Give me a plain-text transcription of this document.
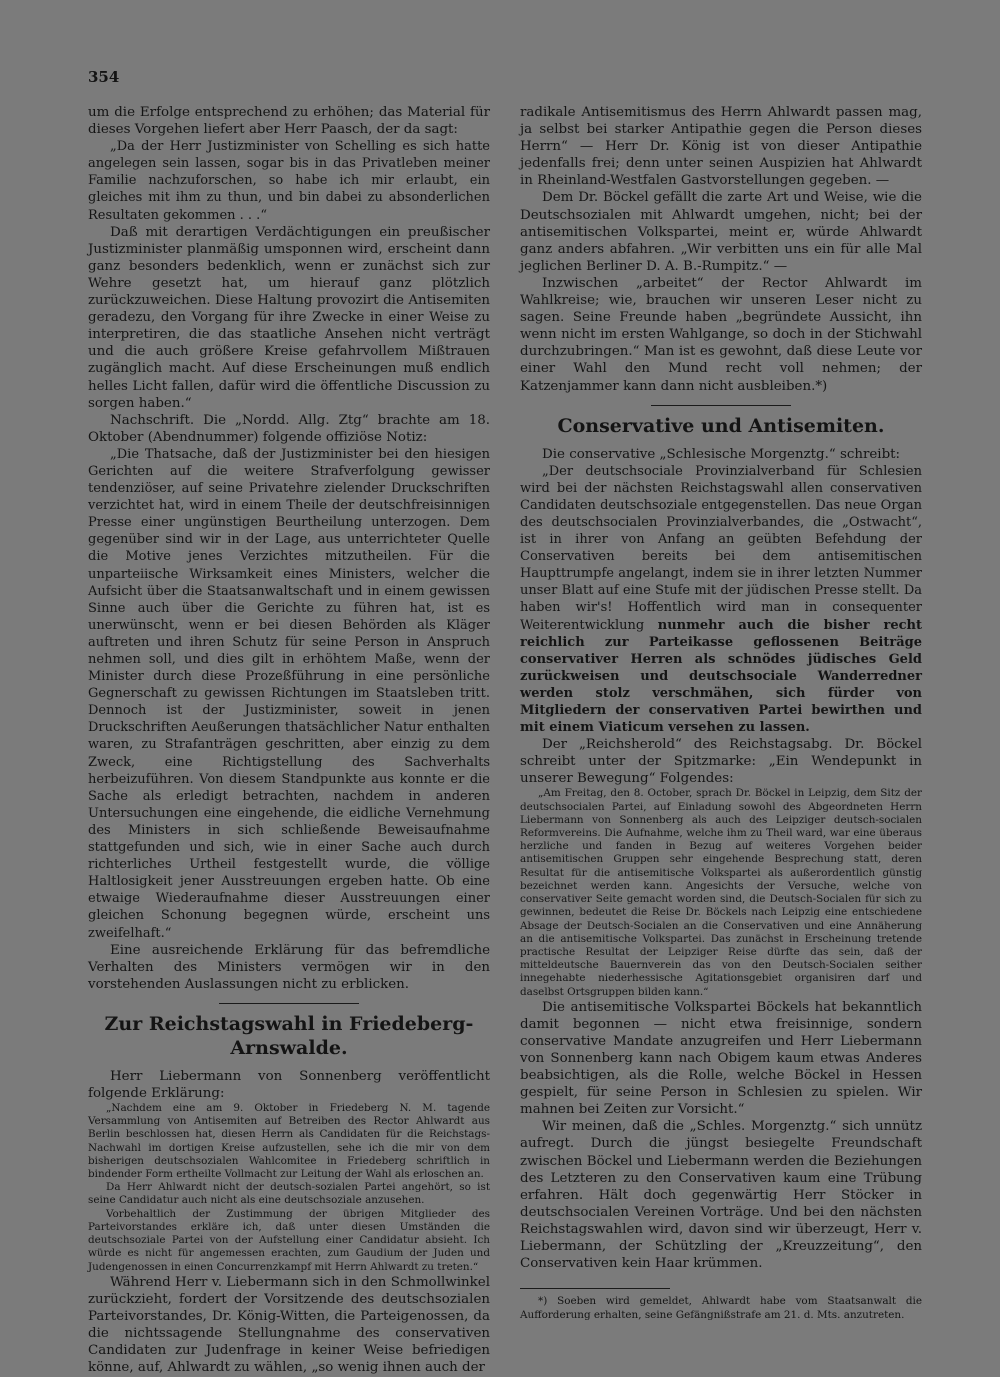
354

um die Erfolge entsprechend zu erhöhen; das Material für dieses Vorgehen liefert aber Herr Paasch, der da sagt:

„Da der Herr Justizminister von Schelling es sich hatte angelegen sein lassen, sogar bis in das Privatleben meiner Familie nachzuforschen, so habe ich mir erlaubt, ein gleiches mit ihm zu thun, und bin dabei zu absonderlichen Resultaten gekommen . . .“

Daß mit derartigen Verdächtigungen ein preußischer Justizminister planmäßig umsponnen wird, erscheint dann ganz besonders bedenklich, wenn er zunächst sich zur Wehre gesetzt hat, um hierauf ganz plötzlich zurückzuweichen. Diese Haltung provozirt die Antisemiten geradezu, den Vorgang für ihre Zwecke in einer Weise zu interpretiren, die das staatliche Ansehen nicht verträgt und die auch größere Kreise gefahrvollem Mißtrauen zugänglich macht. Auf diese Erscheinungen muß endlich helles Licht fallen, dafür wird die öffentliche Discussion zu sorgen haben.“

Nachschrift. Die „Nordd. Allg. Ztg“ brachte am 18. Oktober (Abendnummer) folgende offiziöse Notiz:

„Die Thatsache, daß der Justizminister bei den hiesigen Gerichten auf die weitere Strafverfolgung gewisser tendenziöser, auf seine Privatehre zielender Druckschriften verzichtet hat, wird in einem Theile der deutschfreisinnigen Presse einer ungünstigen Beurtheilung unterzogen. Dem gegenüber sind wir in der Lage, aus unterrichteter Quelle die Motive jenes Verzichtes mitzutheilen. Für die unparteiische Wirksamkeit eines Ministers, welcher die Aufsicht über die Staatsanwaltschaft und in einem gewissen Sinne auch über die Gerichte zu führen hat, ist es unerwünscht, wenn er bei diesen Behörden als Kläger auftreten und ihren Schutz für seine Person in Anspruch nehmen soll, und dies gilt in erhöhtem Maße, wenn der Minister durch diese Prozeßführung in eine persönliche Gegnerschaft zu gewissen Richtungen im Staatsleben tritt. Dennoch ist der Justizminister, soweit in jenen Druckschriften Aeußerungen thatsächlicher Natur enthalten waren, zu Strafanträgen geschritten, aber einzig zu dem Zweck, eine Richtigstellung des Sachverhalts herbeizuführen. Von diesem Standpunkte aus konnte er die Sache als erledigt betrachten, nachdem in anderen Untersuchungen eine eingehende, die eidliche Vernehmung des Ministers in sich schließende Beweisaufnahme stattgefunden und sich, wie in einer Sache auch durch richterliches Urtheil festgestellt wurde, die völlige Haltlosigkeit jener Ausstreuungen ergeben hatte. Ob eine etwaige Wiederaufnahme dieser Ausstreuungen einer gleichen Schonung begegnen würde, erscheint uns zweifelhaft.“

Eine ausreichende Erklärung für das befremdliche Verhalten des Ministers vermögen wir in den vorstehenden Auslassungen nicht zu erblicken.

Zur Reichstagswahl in Friedeberg-Arnswalde.

Herr Liebermann von Sonnenberg veröffentlicht folgende Erklärung:

„Nachdem eine am 9. Oktober in Friedeberg N. M. tagende Versammlung von Antisemiten auf Betreiben des Rector Ahlwardt aus Berlin beschlossen hat, diesen Herrn als Candidaten für die Reichstags-Nachwahl im dortigen Kreise aufzustellen, sehe ich die mir von dem bisherigen deutschsozialen Wahlcomitee in Friedeberg schriftlich in bindender Form ertheilte Vollmacht zur Leitung der Wahl als erloschen an.

Da Herr Ahlwardt nicht der deutsch-sozialen Partei angehört, so ist seine Candidatur auch nicht als eine deutschsoziale anzusehen.

Vorbehaltlich der Zustimmung der übrigen Mitglieder des Parteivorstandes erkläre ich, daß unter diesen Umständen die deutschsoziale Partei von der Aufstellung einer Candidatur absieht. Ich würde es nicht für angemessen erachten, zum Gaudium der Juden und Judengenossen in einen Concurrenzkampf mit Herrn Ahlwardt zu treten.“

Während Herr v. Liebermann sich in den Schmollwinkel zurückzieht, fordert der Vorsitzende des deutschsozialen Parteivorstandes, Dr. König-Witten, die Parteigenossen, da die nichtssagende Stellungnahme des conservativen Candidaten zur Judenfrage in keiner Weise befriedigen könne, auf, Ahlwardt zu wählen, „so wenig ihnen auch der

radikale Antisemitismus des Herrn Ahlwardt passen mag, ja selbst bei starker Antipathie gegen die Person dieses Herrn“ — Herr Dr. König ist von dieser Antipathie jedenfalls frei; denn unter seinen Auspizien hat Ahlwardt in Rheinland-Westfalen Gastvorstellungen gegeben. —

Dem Dr. Böckel gefällt die zarte Art und Weise, wie die Deutschsozialen mit Ahlwardt umgehen, nicht; bei der antisemitischen Volkspartei, meint er, würde Ahlwardt ganz anders abfahren. „Wir verbitten uns ein für alle Mal jeglichen Berliner D. A. B.-Rumpitz.“ —

Inzwischen „arbeitet“ der Rector Ahlwardt im Wahlkreise; wie, brauchen wir unseren Leser nicht zu sagen. Seine Freunde haben „begründete Aussicht, ihn wenn nicht im ersten Wahlgange, so doch in der Stichwahl durchzubringen.“ Man ist es gewohnt, daß diese Leute vor einer Wahl den Mund recht voll nehmen; der Katzenjammer kann dann nicht ausbleiben.*)

Conservative und Antisemiten.

Die conservative „Schlesische Morgenztg.“ schreibt:

„Der deutschsociale Provinzialverband für Schlesien wird bei der nächsten Reichstagswahl allen conservativen Candidaten deutschsoziale entgegenstellen. Das neue Organ des deutschsocialen Provinzialverbandes, die „Ostwacht“, ist in ihrer von Anfang an geübten Befehdung der Conservativen bereits bei dem antisemitischen Haupttrumpfe angelangt, indem sie in ihrer letzten Nummer unser Blatt auf eine Stufe mit der jüdischen Presse stellt. Da haben wir's! Hoffentlich wird man in consequenter Weiterentwicklung nunmehr auch die bisher recht reichlich zur Parteikasse geflossenen Beiträge conservativer Herren als schnödes jüdisches Geld zurückweisen und deutschsociale Wanderredner werden stolz verschmähen, sich fürder von Mitgliedern der conservativen Partei bewirthen und mit einem Viaticum versehen zu lassen.

Der „Reichsherold“ des Reichstagsabg. Dr. Böckel schreibt unter der Spitzmarke: „Ein Wendepunkt in unserer Bewegung“ Folgendes:

„Am Freitag, den 8. October, sprach Dr. Böckel in Leipzig, dem Sitz der deutschsocialen Partei, auf Einladung sowohl des Abgeordneten Herrn Liebermann von Sonnenberg als auch des Leipziger deutsch-socialen Reformvereins. Die Aufnahme, welche ihm zu Theil ward, war eine überaus herzliche und fanden in Bezug auf weiteres Vorgehen beider antisemitischen Gruppen sehr eingehende Besprechung statt, deren Resultat für die antisemitische Volkspartei als außerordentlich günstig bezeichnet werden kann. Angesichts der Versuche, welche von conservativer Seite gemacht worden sind, die Deutsch-Socialen für sich zu gewinnen, bedeutet die Reise Dr. Böckels nach Leipzig eine entschiedene Absage der Deutsch-Socialen an die Conservativen und eine Annäherung an die antisemitische Volkspartei. Das zunächst in Erscheinung tretende practische Resultat der Leipziger Reise dürfte das sein, daß der mitteldeutsche Bauernverein das von den Deutsch-Socialen seither innegehabte niederhessische Agitationsgebiet organisiren darf und daselbst Ortsgruppen bilden kann.“

Die antisemitische Volkspartei Böckels hat bekanntlich damit begonnen — nicht etwa freisinnige, sondern conservative Mandate anzugreifen und Herr Liebermann von Sonnenberg kann nach Obigem kaum etwas Anderes beabsichtigen, als die Rolle, welche Böckel in Hessen gespielt, für seine Person in Schlesien zu spielen. Wir mahnen bei Zeiten zur Vorsicht.“

Wir meinen, daß die „Schles. Morgenztg.“ sich unnütz aufregt. Durch die jüngst besiegelte Freundschaft zwischen Böckel und Liebermann werden die Beziehungen des Letzteren zu den Conservativen kaum eine Trübung erfahren. Hält doch gegenwärtig Herr Stöcker in deutschsocialen Vereinen Vorträge. Und bei den nächsten Reichstagswahlen wird, davon sind wir überzeugt, Herr v. Liebermann, der Schützling der „Kreuzzeitung“, den Conservativen kein Haar krümmen.

*) Soeben wird gemeldet, Ahlwardt habe vom Staatsanwalt die Aufforderung erhalten, seine Gefängnißstrafe am 21. d. Mts. anzutreten.
